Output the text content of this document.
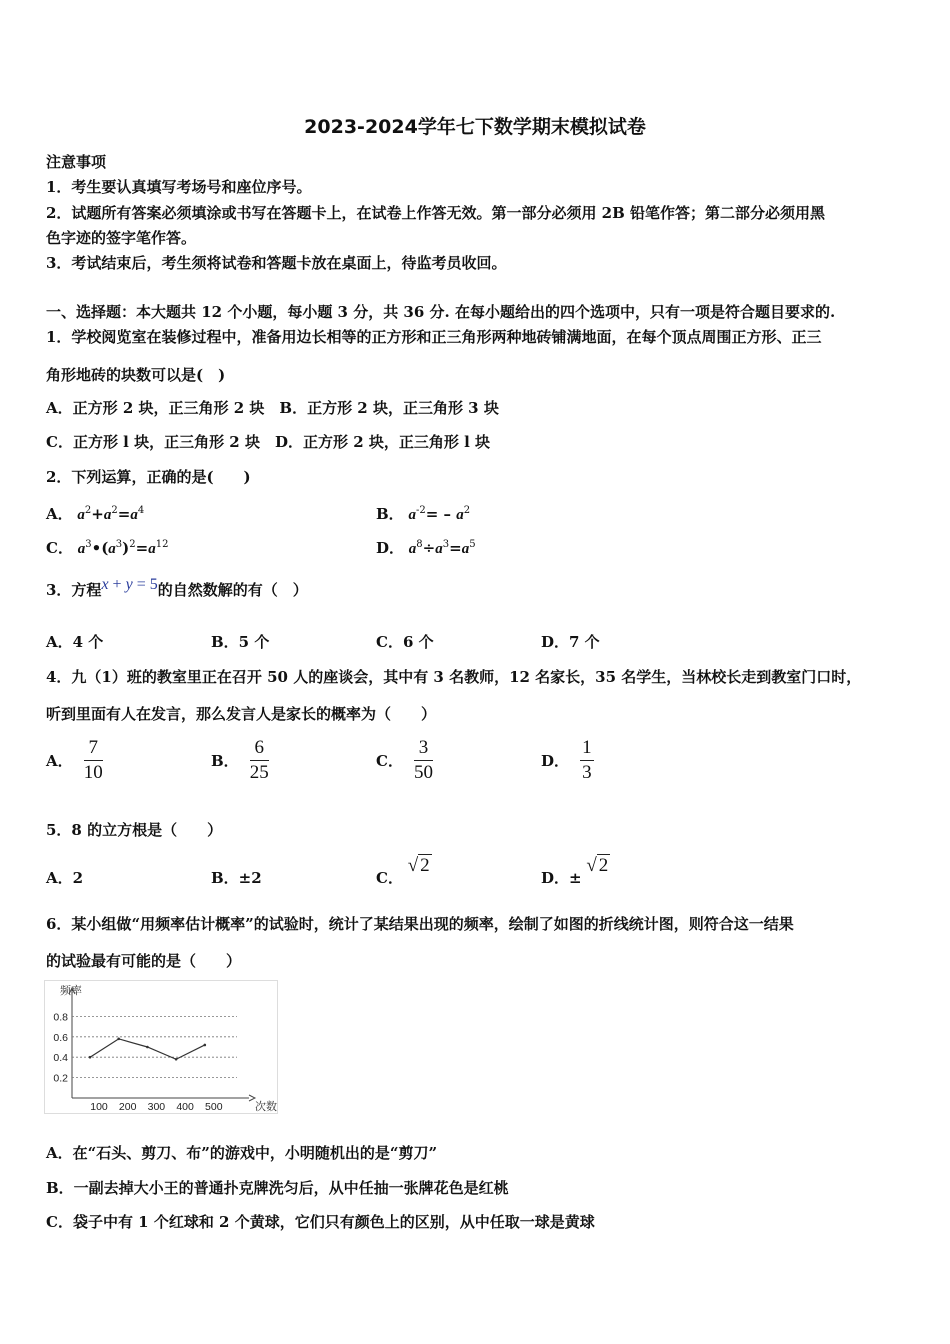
2023-2024学年七下数学期末模拟试卷
注意事项
1．考生要认真填写考场号和座位序号。
2．试题所有答案必须填涂或书写在答题卡上，在试卷上作答无效。第一部分必须用 2B 铅笔作答；第二部分必须用黑
色字迹的签字笔作答。
3．考试结束后，考生须将试卷和答题卡放在桌面上，待监考员收回。
一、选择题：本大题共 12 个小题，每小题 3 分，共 36 分. 在每小题给出的四个选项中，只有一项是符合题目要求的.
1．学校阅览室在装修过程中，准备用边长相等的正方形和正三角形两种地砖铺满地面，在每个顶点周围正方形、正三
角形地砖的块数可以是(　)
A．正方形 2 块，正三角形 2 块　B．正方形 2 块，正三角形 3 块
C．正方形 l 块，正三角形 2 块　D．正方形 2 块，正三角形 l 块
2．下列运算，正确的是(　　)
A． $a^2+a^2=a^4$	B． $a^{-2}= - a^2$
C． $a^3•(a^3)^2=a^{12}$	D． $a^8\div a^3=a^5$
3．方程x + y = 5的自然数解的有（　）
A．4 个	B．5 个	C．6 个	D．7 个
4．九（1）班的教室里正在召开 50 人的座谈会，其中有 3 名教师，12 名家长，35 名学生，当林校长走到教室门口时，
听到里面有人在发言，那么发言人是家长的概率为（　　）
A． $\frac{7}{10}$	B． $\frac{6}{25}$	C． $\frac{3}{50}$	D． $\frac{1}{3}$
5．8 的立方根是（　　）
A．2	B．±2	C． √ 2
D．± √ 2
6．某小组做“用频率估计概率”的试验时，统计了某结果出现的频率，绘制了如图的折线统计图，则符合这一结果
的试验最有可能的是（　　）
频率
次数
0.2
0.4
0.6
0.8
100 200 300 400 500
A．在“石头、剪刀、布”的游戏中，小明随机出的是“剪刀”
B．一副去掉大小王的普通扑克牌洗匀后，从中任抽一张牌花色是红桃
C．袋子中有 1 个红球和 2 个黄球，它们只有颜色上的区别，从中任取一球是黄球
